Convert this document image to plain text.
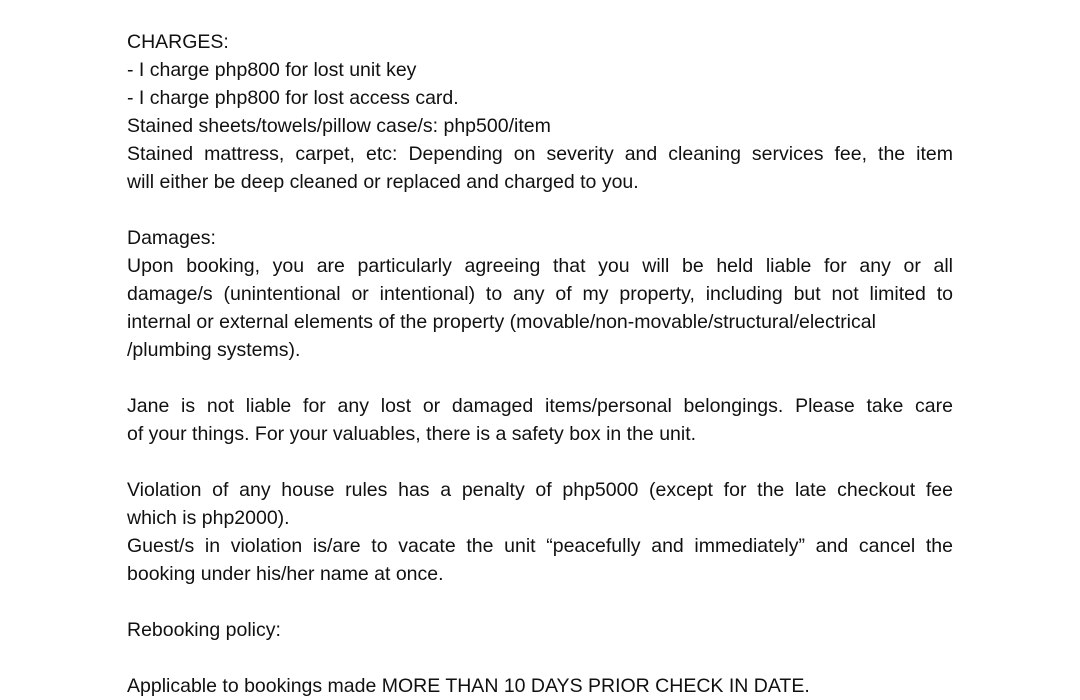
CHARGES:
- I charge php800 for lost unit key
- I charge php800 for lost access card.
Stained sheets/towels/pillow case/s: php500/item
Stained mattress, carpet, etc: Depending on severity and cleaning services fee, the item
will either be deep cleaned or replaced and charged to you.
Damages:
Upon booking, you are particularly agreeing that you will be held liable for any or all
damage/s (unintentional or intentional) to any of my property, including but not limited to
internal or external elements of the property (movable/non-movable/structural/electrical
/plumbing systems).
Jane is not liable for any lost or damaged items/personal belongings. Please take care
of your things. For your valuables, there is a safety box in the unit.
Violation of any house rules has a penalty of php5000 (except for the late checkout fee
which is php2000).
Guest/s in violation is/are to vacate the unit “peacefully and immediately” and cancel the
booking under his/her name at once.
Rebooking policy:
Applicable to bookings made MORE THAN 10 DAYS PRIOR CHECK IN DATE.
